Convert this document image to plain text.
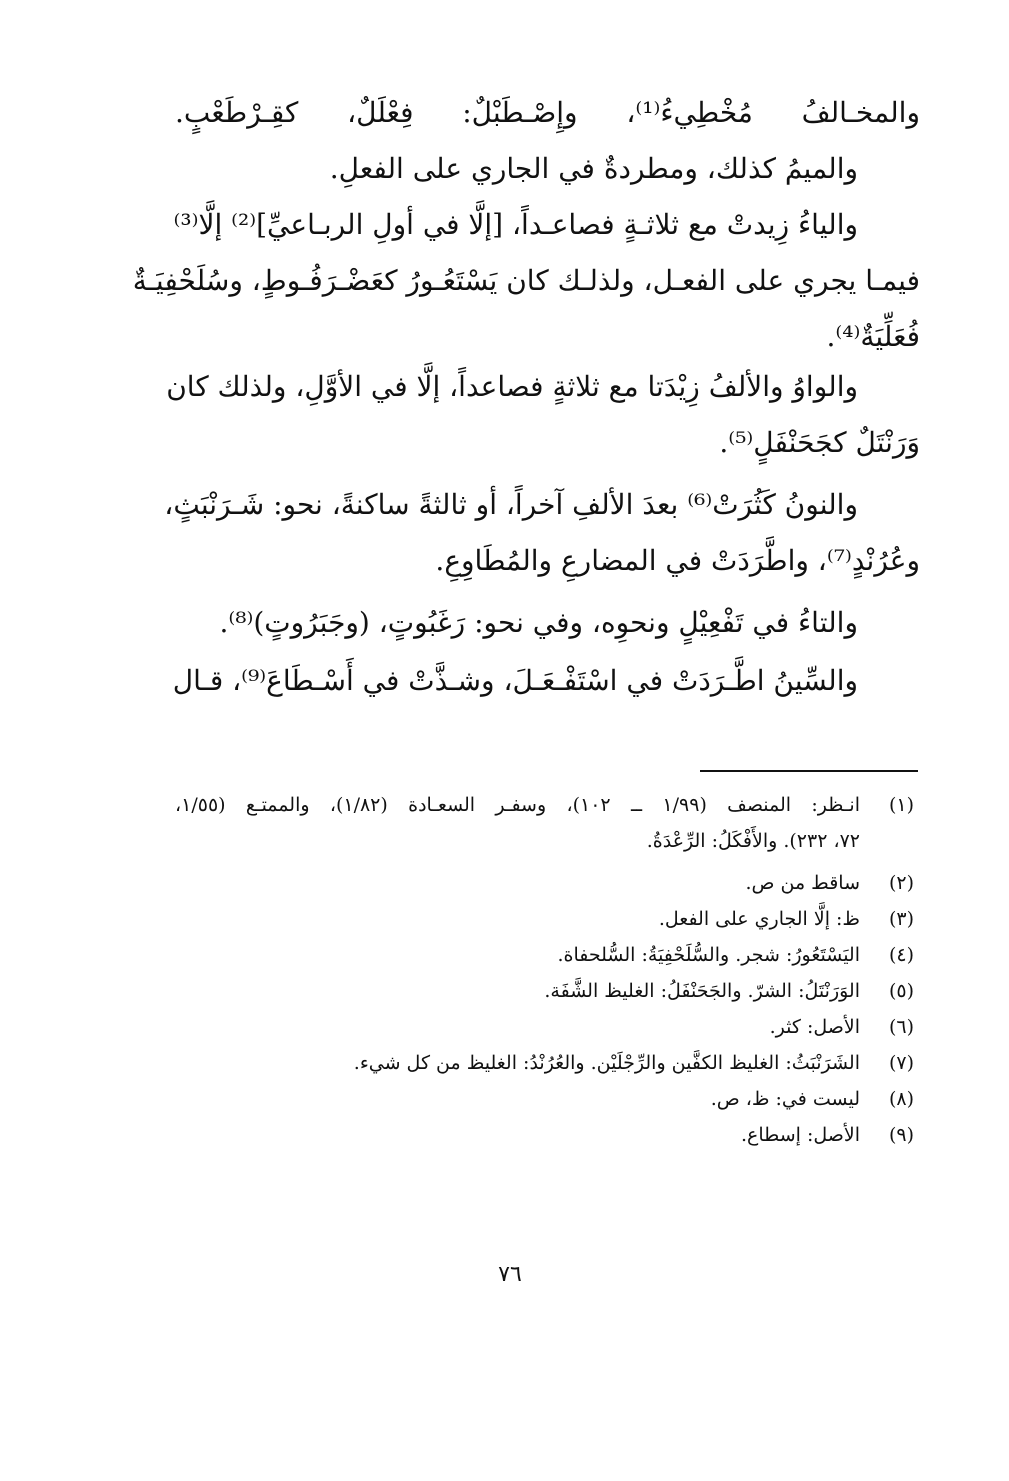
والمخـالفُ مُخْطِيءُ⁽¹⁾، وإِصْـطَبْلٌ: فِعْلَلٌ، كقِـرْطَعْبٍ.
والميمُ كذلك، ومطردةٌ في الجاري على الفعلِ.
والياءُ زِيدتْ مع ثلاثـةٍ فصاعـداً، [إلَّا في أولِ الربـاعيِّ]⁽²⁾ إلَّا⁽³⁾
فيمـا يجري على الفعـل، ولذلـك كان يَسْتَعُـورُ كعَضْـرَفُـوطٍ، وسُلَحْفِيَـةٌ
فُعَلِّيَةٌ⁽⁴⁾.
والواوُ والألفُ زِيْدَتا مع ثلاثةٍ فصاعداً، إلَّا في الأوَّلِ، ولذلك كان
وَرَنْتَلٌ كجَحَنْفَلٍ⁽⁵⁾.
والنونُ كَثُرَتْ⁽⁶⁾ بعدَ الألفِ آخراً، أو ثالثةً ساكنةً، نحو: شَـرَنْبَثٍ،
وعُرُنْدٍ⁽⁷⁾، واطَّرَدَتْ في المضارعِ والمُطَاوِعِ.
والتاءُ في تَفْعِيْلٍ ونحوِه، وفي نحو: رَغَبُوتٍ، (وجَبَرُوتٍ)⁽⁸⁾.
والسِّينُ اطَّـرَدَتْ في اسْتَفْـعَـلَ، وشـذَّتْ في أَسْـطَاعَ⁽⁹⁾، قـال
(١)
انـظر: المنصف (١/٩٩ ــ ١٠٢)، وسفـر السعـادة (١/٨٢)، والممتـع (١/٥٥،
٧٢، ٢٣٢). والأَفْكَلُ: الرِّعْدَةُ.
(٢)
ساقط من ص.
(٣)
ظ: إلَّا الجاري على الفعل.
(٤)
اليَسْتَعُورُ: شجر. والسُّلَحْفِيَةُ: السُّلحفاة.
(٥)
الوَرَنْتَلُ: الشرّ. والجَحَنْفَلُ: الغليظ الشَّفَة.
(٦)
الأصل: كثر.
(٧)
الشَرَنْبَثُ: الغليظ الكفَّين والرِّجْلَيْن. والعُرُنْدُ: الغليظ من كل شيء.
(٨)
ليست في: ظ، ص.
(٩)
الأصل: إسطاع.
٧٦
